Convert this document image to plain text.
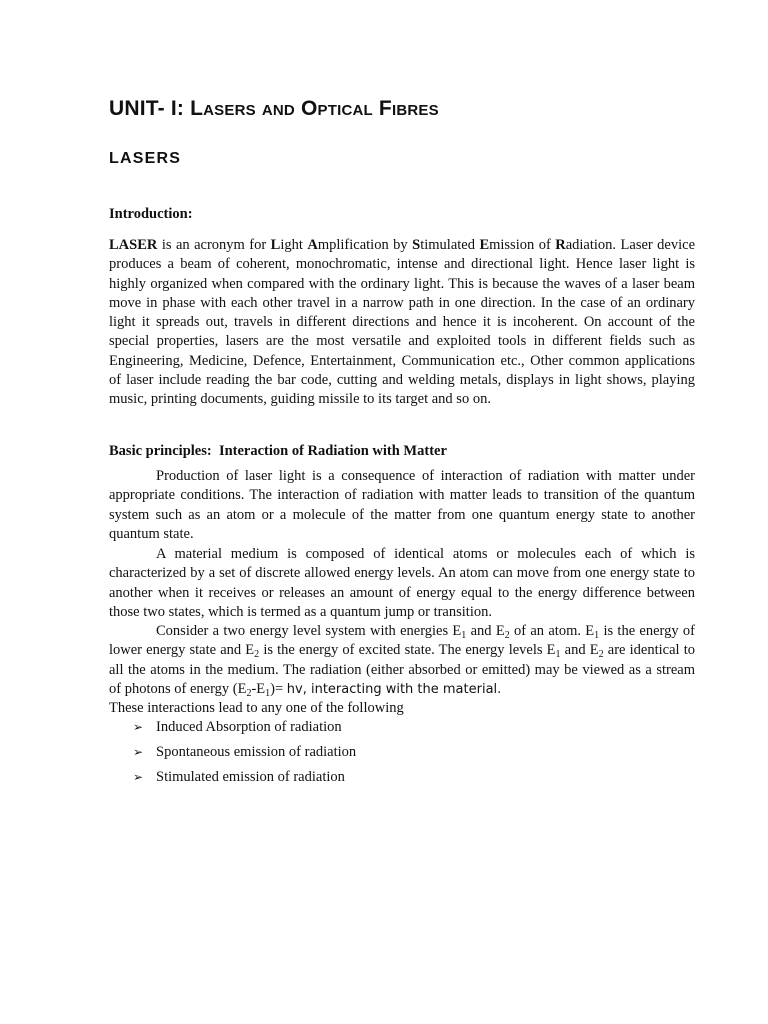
UNIT- I: Lasers and Optical Fibres
LASERS
Introduction:

LASER is an acronym for Light Amplification by Stimulated Emission of Radiation. Laser device produces a beam of coherent, monochromatic, intense and directional light. Hence laser light is highly organized when compared with the ordinary light. This is because the waves of a laser beam move in phase with each other travel in a narrow path in one direction. In the case of an ordinary light it spreads out, travels in different directions and hence it is incoherent. On account of the special properties, lasers are the most versatile and exploited tools in different fields such as Engineering, Medicine, Defence, Entertainment, Communication etc., Other common applications of laser include reading the bar code, cutting and welding metals, displays in light shows, playing music, printing documents, guiding missile to its target and so on.

Basic principles:  Interaction of Radiation with Matter

Production of laser light is a consequence of interaction of radiation with matter under appropriate conditions. The interaction of radiation with matter leads to transition of the quantum system such as an atom or a molecule of the matter from one quantum energy state to another quantum state.

A material medium is composed of identical atoms or molecules each of which is characterized by a set of discrete allowed energy levels. An atom can move from one energy state to another when it receives or releases an amount of energy equal to the energy difference between those two states, which is termed as a quantum jump or transition.

Consider a two energy level system with energies $E_1$ and $E_2$ of an atom. $E_1$ is the energy of lower energy state and $E_2$ is the energy of excited state. The energy levels $E_1$ and $E_2$ are identical to all the atoms in the medium. The radiation (either absorbed or emitted) may be viewed as a stream of photons of energy $(E_2-E_1)=$ hv, interacting with the material.

These interactions lead to any one of the following

➢ Induced Absorption of radiation
➢ Spontaneous emission of radiation
➢ Stimulated emission of radiation
